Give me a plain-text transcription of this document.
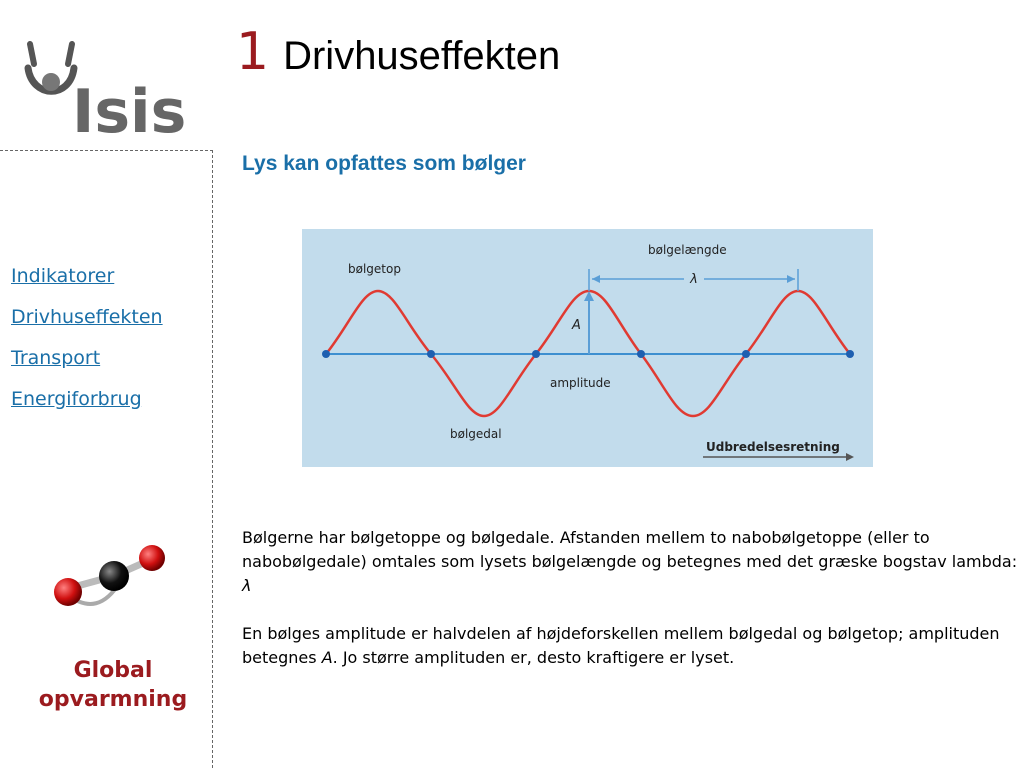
Isis
Indikatorer
Drivhuseffekten
Transport
Energiforbrug
Global
opvarmning
1 Drivhuseffekten
Lys kan opfattes som bølger
bølgetop
bølgelængde
λ
A
amplitude
bølgedal
Udbredelsesretning

Bølgerne har bølgetoppe og bølgedale. Afstanden mellem to nabobølgetoppe (eller to nabobølgedale) omtales som lysets bølgelængde og betegnes med det græske bogstav lambda: λ

En bølges amplitude er halvdelen af højdeforskellen mellem bølgedal og bølgetop; amplituden betegnes A. Jo større amplituden er, desto kraftigere er lyset.
